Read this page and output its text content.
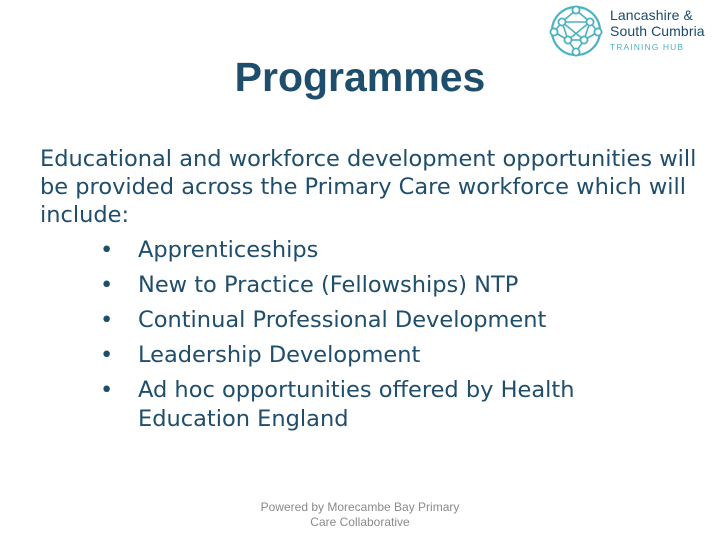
Lancashire &
South Cumbria
TRAINING HUB
Programmes

Educational and workforce development opportunities will be provided across the Primary Care workforce which will include:

• Apprenticeships
• New to Practice (Fellowships) NTP
• Continual Professional Development
• Leadership Development
• Ad hoc opportunities offered by Health Education England
Powered by Morecambe Bay Primary
Care Collaborative
